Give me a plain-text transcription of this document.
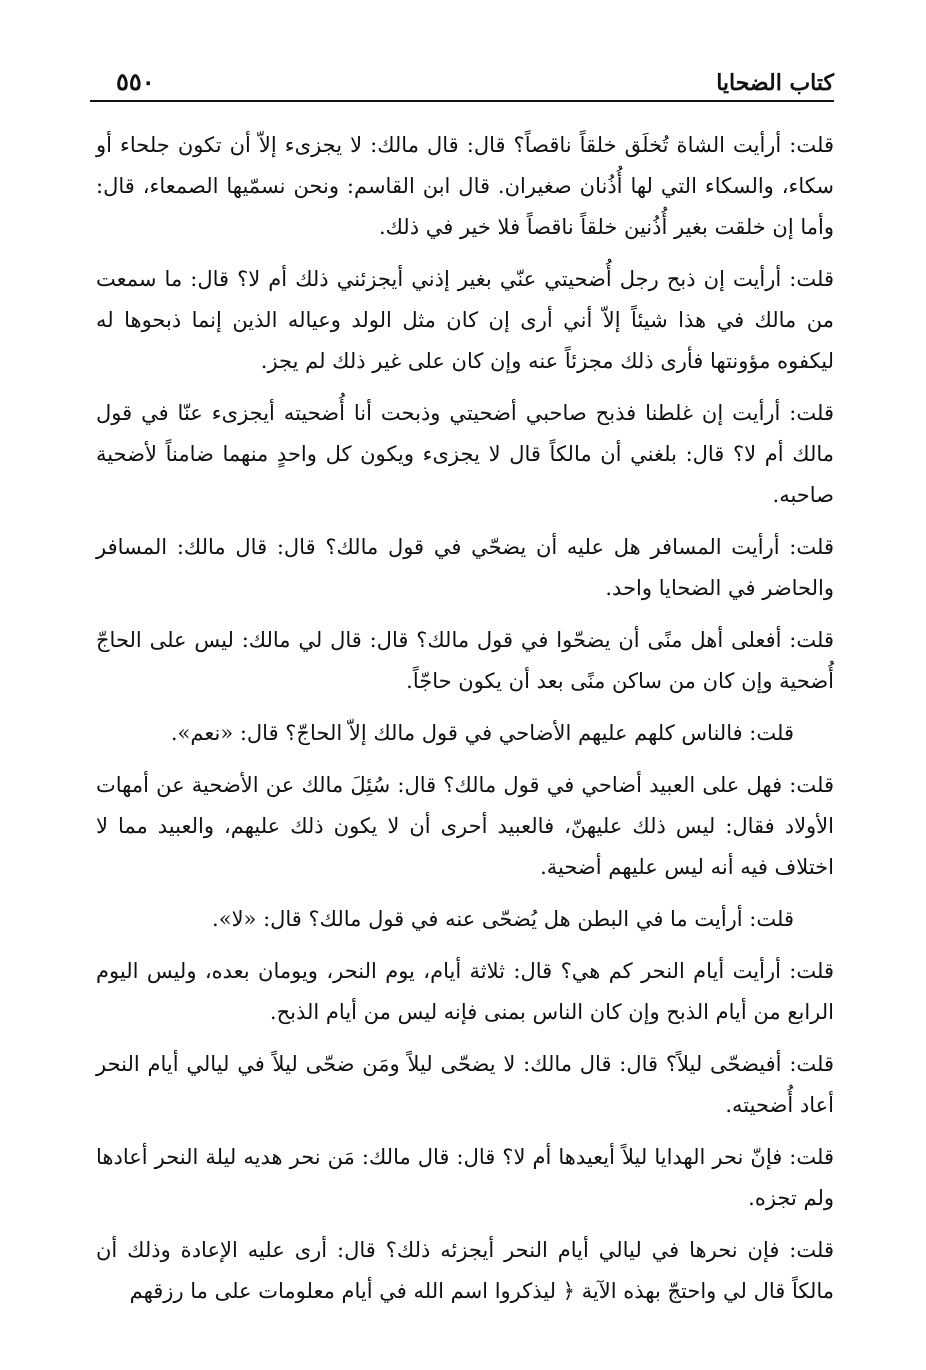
٥٥٠	كتاب الضحايا

قلت: أرأيت الشاة تُخلَق خلقاً ناقصاً؟ قال: قال مالك: لا يجزىء إلاّ أن تكون جلحاء أو سكاء، والسكاء التي لها أُذُنان صغيران. قال ابن القاسم: ونحن نسمّيها الصمعاء، قال: وأما إن خلقت بغير أُذُنين خلقاً ناقصاً فلا خير في ذلك.

قلت: أرأيت إن ذبح رجل أُضحيتي عنّي بغير إذني أيجزئني ذلك أم لا؟ قال: ما سمعت من مالك في هذا شيئاً إلاّ أني أرى إن كان مثل الولد وعياله الذين إنما ذبحوها له ليكفوه مؤونتها فأرى ذلك مجزئاً عنه وإن كان على غير ذلك لم يجز.

قلت: أرأيت إن غلطنا فذبح صاحبي أضحيتي وذبحت أنا أُضحيته أيجزىء عنّا في قول مالك أم لا؟ قال: بلغني أن مالكاً قال لا يجزىء ويكون كل واحدٍ منهما ضامناً لأضحية صاحبه.

قلت: أرأيت المسافر هل عليه أن يضحّي في قول مالك؟ قال: قال مالك: المسافر والحاضر في الضحايا واحد.

قلت: أفعلى أهل منًى أن يضحّوا في قول مالك؟ قال: قال لي مالك: ليس على الحاجّ أُضحية وإن كان من ساكن منًى بعد أن يكون حاجّاً.

قلت: فالناس كلهم عليهم الأضاحي في قول مالك إلاّ الحاجّ؟ قال: «نعم».

قلت: فهل على العبيد أضاحي في قول مالك؟ قال: سُئِلَ مالك عن الأضحية عن أمهات الأولاد فقال: ليس ذلك عليهنّ، فالعبيد أحرى أن لا يكون ذلك عليهم، والعبيد مما لا اختلاف فيه أنه ليس عليهم أضحية.

قلت: أرأيت ما في البطن هل يُضحّى عنه في قول مالك؟ قال: «لا».

قلت: أرأيت أيام النحر كم هي؟ قال: ثلاثة أيام، يوم النحر، ويومان بعده، وليس اليوم الرابع من أيام الذبح وإن كان الناس بمنى فإنه ليس من أيام الذبح.

قلت: أفيضحّى ليلاً؟ قال: قال مالك: لا يضحّى ليلاً ومَن ضحّى ليلاً في ليالي أيام النحر أعاد أُضحيته.

قلت: فإنّ نحر الهدايا ليلاً أيعيدها أم لا؟ قال: قال مالك: مَن نحر هديه ليلة النحر أعادها ولم تجزه.

قلت: فإن نحرها في ليالي أيام النحر أيجزئه ذلك؟ قال: أرى عليه الإعادة وذلك أن مالكاً قال لي واحتجّ بهذه الآية ﴿ ليذكروا اسم الله في أيام معلومات على ما رزقهم
